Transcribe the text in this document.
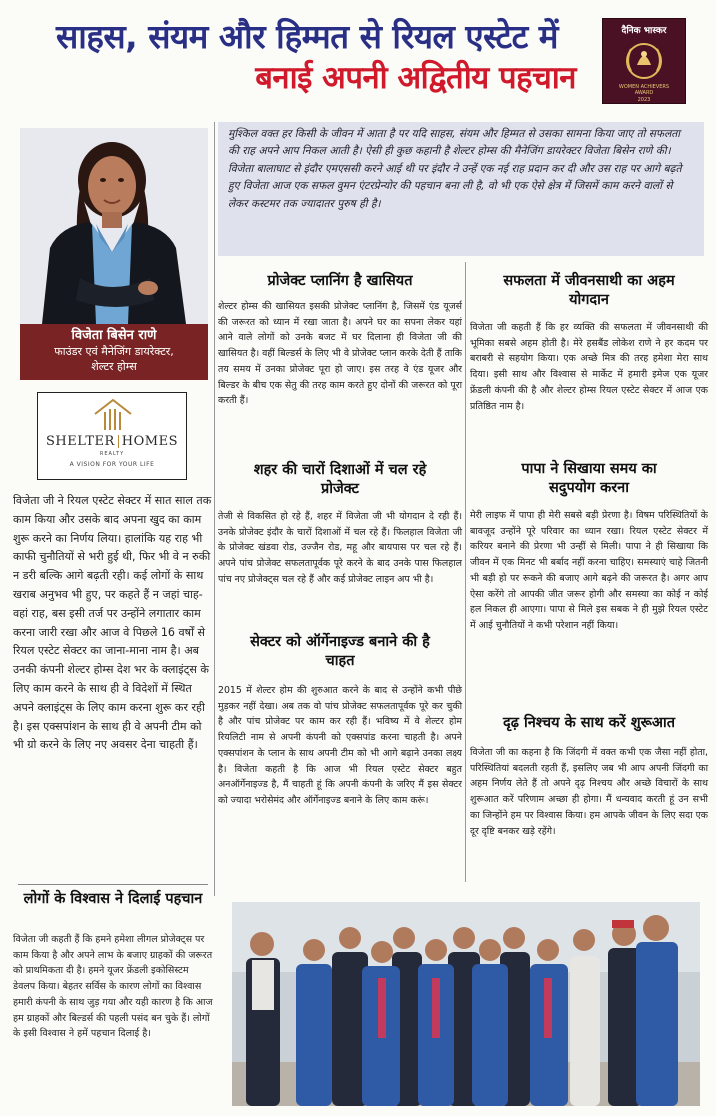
साहस, संयम और हिम्मत से रियल एस्टेट में
बनाई अपनी अद्वितीय पहचान
दैनिक भास्कर
WOMEN ACHIEVERS AWARD
2023
विजेता बिसेन राणे
फाउंडर एवं मैनेजिंग डायरेक्टर,
शेल्टर होम्स
SHELTER HOMES
REALTY
A VISION FOR YOUR LIFE
मुश्किल वक्त हर किसी के जीवन में आता है पर यदि साहस, संयम और हिम्मत से उसका सामना किया जाए तो सफलता की राह अपने आप निकल आती है। ऐसी ही कुछ कहानी है शेल्टर होम्स की मैनेजिंग डायरेक्टर विजेता बिसेन राणे की। विजेता बालाघाट से इंदौर एमएससी करने आई थी पर इंदौर ने उन्हें एक नई राह प्रदान कर दी और उस राह पर आगे बढ़ते हुए विजेता आज एक सफल वुमन एंटरप्रेन्योर की पहचान बना ली है, वो भी एक ऐसे क्षेत्र में जिसमें काम करने वालों से लेकर कस्टमर तक ज्यादातर पुरुष ही है।
विजेता जी ने रियल एस्टेट सेक्टर में सात साल तक काम किया और उसके बाद अपना खुद का काम शुरू करने का निर्णय लिया। हालांकि यह राह भी काफी चुनौतियों से भरी हुई थी, फिर भी वे न रुकी न डरी बल्कि आगे बढ़ती रही। कई लोगों के साथ खराब अनुभव भी हुए, पर कहते हैं न जहां चाह-वहां राह, बस इसी तर्ज पर उन्होंने लगातार काम करना जारी रखा और आज वे पिछले 16 वर्षों से रियल एस्टेट सेक्टर का जाना-माना नाम है। अब उनकी कंपनी शेल्टर होम्स देश भर के क्लाइंट्स के लिए काम करने के साथ ही वे विदेशों में स्थित अपने क्लाइंट्स के लिए काम करना शुरू कर रही है। इस एक्सपांशन के साथ ही वे अपनी टीम को भी ग्रो करने के लिए नए अवसर देना चाहती हैं।
लोगों के विश्वास ने दिलाई पहचान
विजेता जी कहती हैं कि हमने हमेशा लीगल प्रोजेक्ट्स पर काम किया है और अपने लाभ के बजाए ग्राहकों की जरूरत को प्राथमिकता दी है। हमने यूजर फ्रेंडली इकोसिस्टम डेवलप किया। बेहतर सर्विस के कारण लोगों का विश्वास हमारी कंपनी के साथ जुड़ गया और यही कारण है कि आज हम ग्राहकों और बिल्डर्स की पहली पसंद बन चुके हैं। लोगों के इसी विश्वास ने हमें पहचान दिलाई है।
प्रोजेक्ट प्लानिंग है खासियत
शेल्टर होम्स की खासियत इसकी प्रोजेक्ट प्लानिंग है, जिसमें एंड यूजर्स की जरूरत को ध्यान में रखा जाता है। अपने घर का सपना लेकर यहां आने वाले लोगों को उनके बजट में घर दिलाना ही विजेता जी की खासियत है। वहीं बिल्डर्स के लिए भी वे प्रोजेक्ट प्लान करके देती हैं ताकि तय समय में उनका प्रोजेक्ट पूरा हो जाए। इस तरह वे एंड यूजर और बिल्डर के बीच एक सेतु की तरह काम करते हुए दोनों की जरूरत को पूरा करती हैं।
शहर की चारों दिशाओं में चल रहे प्रोजेक्ट
तेजी से विकसित हो रहे हैं, शहर में विजेता जी भी योगदान दे रही हैं। उनके प्रोजेक्ट इंदौर के चारों दिशाओं में चल रहे हैं। फिलहाल विजेता जी के प्रोजेक्ट खंडवा रोड, उज्जैन रोड, महू और बायपास पर चल रहे हैं। अपने पांच प्रोजेक्ट सफलतापूर्वक पूरे करने के बाद उनके पास फिलहाल पांच नए प्रोजेक्ट्स चल रहे हैं और कई प्रोजेक्ट लाइन अप भी है।
सेक्टर को ऑर्गेनाइज्ड बनाने की है चाहत
2015 में शेल्टर होम की शुरुआत करने के बाद से उन्होंने कभी पीछे मुड़कर नहीं देखा। अब तक वो पांच प्रोजेक्ट सफलतापूर्वक पूरे कर चुकी है और पांच प्रोजेक्ट पर काम कर रही हैं। भविष्य में वे शेल्टर होम रियलिटी नाम से अपनी कंपनी को एक्सपांड करना चाहती है। अपने एक्सपांशन के प्लान के साथ अपनी टीम को भी आगे बढ़ाने उनका लक्ष्य है। विजेता कहती है कि आज भी रियल एस्टेट सेक्टर बहुत अनऑर्गेनाइज्ड है, मैं चाहती हूं कि अपनी कंपनी के जरिए मैं इस सेक्टर को ज्यादा भरोसेमंद और ऑर्गेनाइज्ड बनाने के लिए काम करूं।
सफलता में जीवनसाथी का अहम योगदान
विजेता जी कहती हैं कि हर व्यक्ति की सफलता में जीवनसाथी की भूमिका सबसे अहम होती है। मेरे हसबैंड लोकेश राणे ने हर कदम पर बराबरी से सहयोग किया। एक अच्छे मित्र की तरह हमेशा मेरा साथ दिया। इसी साथ और विश्वास से मार्केट में हमारी इमेज एक यूजर फ्रेंडली कंपनी की है और शेल्टर होम्स रियल एस्टेट सेक्टर में आज एक प्रतिष्ठित नाम है।
पापा ने सिखाया समय का सदुपयोग करना
मेरी लाइफ में पापा ही मेरी सबसे बड़ी प्रेरणा है। विषम परिस्थितियों के बावजूद उन्होंने पूरे परिवार का ध्यान रखा। रियल एस्टेट सेक्टर में करियर बनाने की प्रेरणा भी उन्हीं से मिली। पापा ने ही सिखाया कि जीवन में एक मिनट भी बर्बाद नहीं करना चाहिए। समस्याएं चाहे जितनी भी बड़ी हो पर रूकने की बजाए आगे बढ़ने की जरूरत है। अगर आप ऐसा करेंगे तो आपकी जीत जरूर होगी और समस्या का कोई न कोई हल निकल ही आएगा। पापा से मिले इस सबक ने ही मुझे रियल एस्टेट में आई चुनौतियों ने कभी परेशान नहीं किया।
दृढ़ निश्चय के साथ करें शुरूआत
विजेता जी का कहना है कि जिंदगी में वक्त कभी एक जैसा नहीं होता, परिस्थितियां बदलती रहती हैं, इसलिए जब भी आप अपनी जिंदगी का अहम निर्णय लेते हैं तो अपने दृढ़ निश्चय और अच्छे विचारों के साथ शुरूआत करें परिणाम अच्छा ही होगा। मैं धन्यवाद करती हूं उन सभी का जिन्होंने हम पर विश्वास किया। हम आपके जीवन के लिए सदा एक दूर दृष्टि बनकर खड़े रहेंगे।
